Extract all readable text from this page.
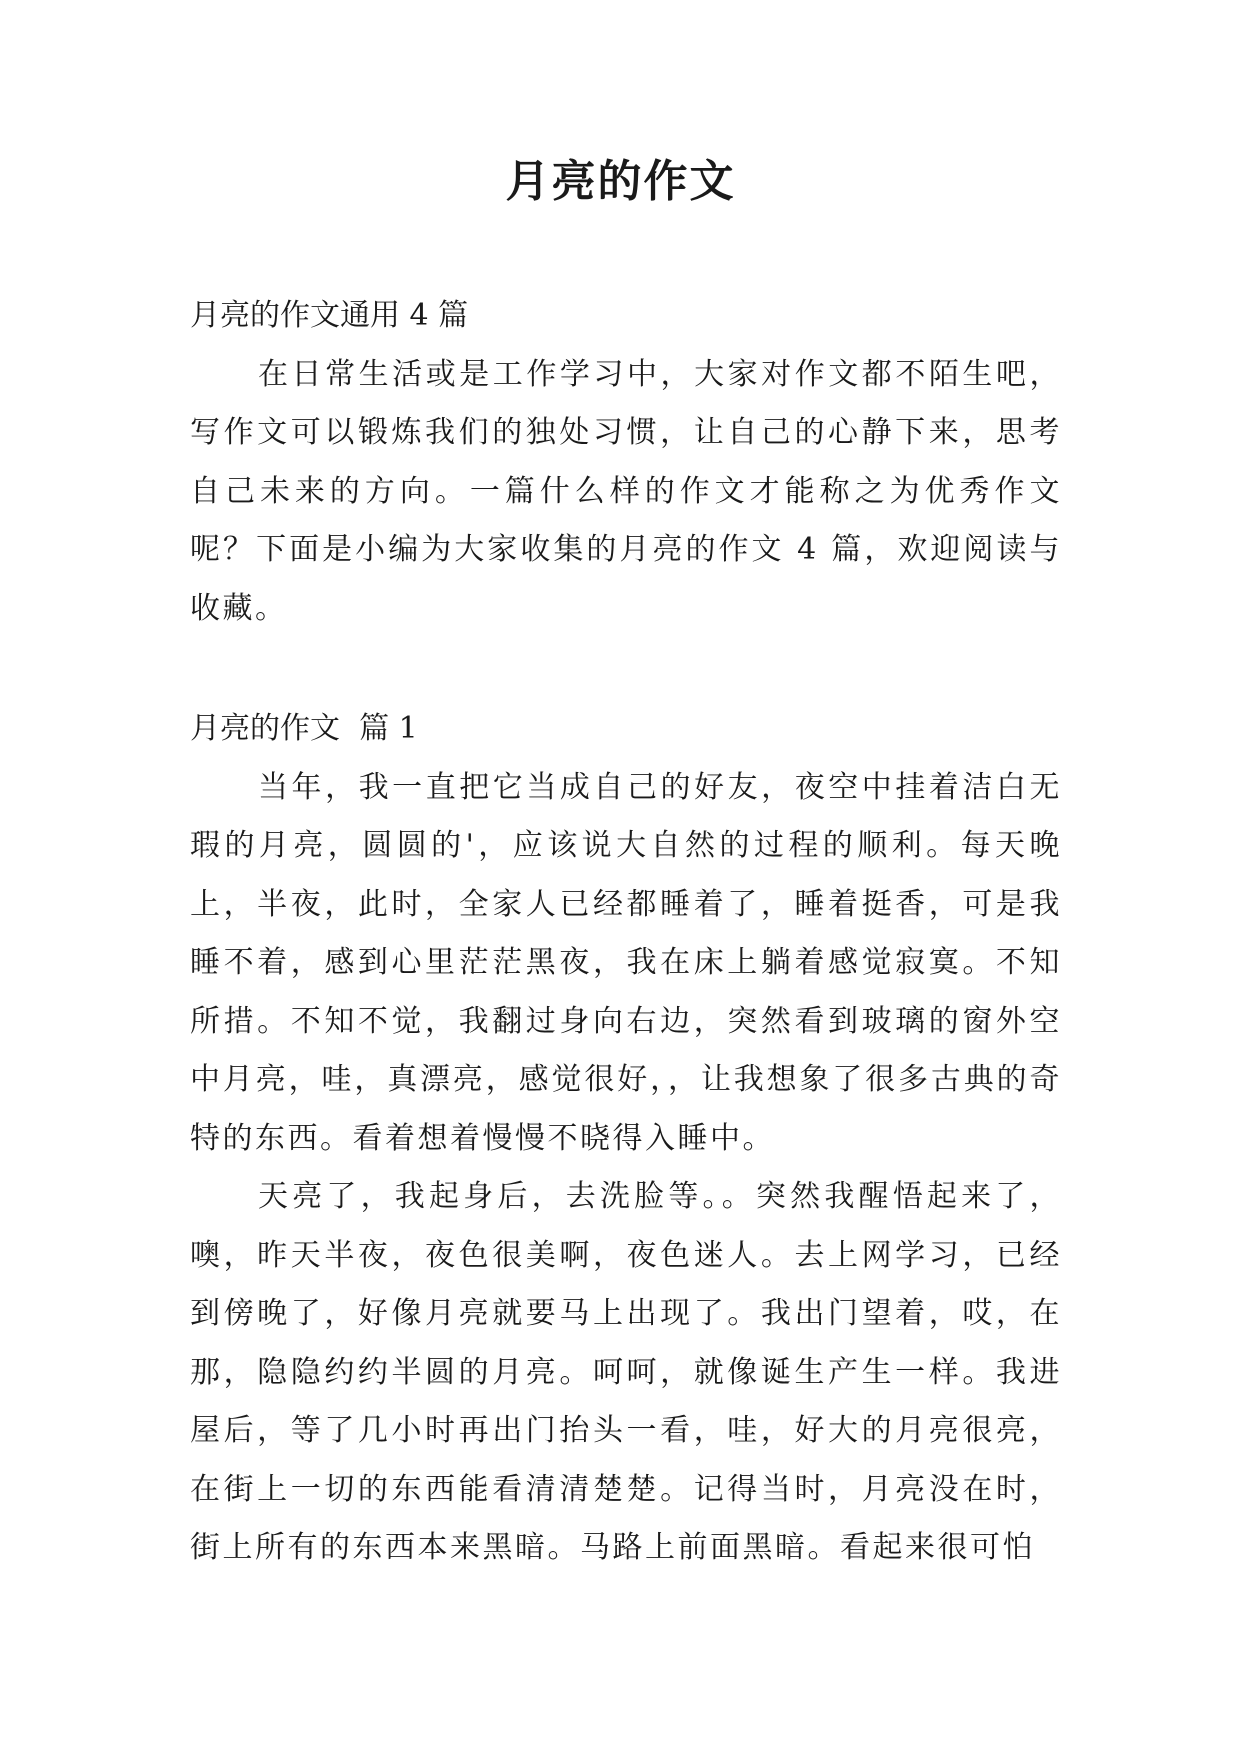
月亮的作文

月亮的作文通用 4 篇

在日常生活或是工作学习中，大家对作文都不陌生吧，写作文可以锻炼我们的独处习惯，让自己的心静下来，思考自己未来的方向。一篇什么样的作文才能称之为优秀作文呢？下面是小编为大家收集的月亮的作文 4 篇，欢迎阅读与收藏。

月亮的作文  篇 1

当年，我一直把它当成自己的好友，夜空中挂着洁白无瑕的月亮，圆圆的'，应该说大自然的过程的顺利。每天晚上，半夜，此时，全家人已经都睡着了，睡着挺香，可是我睡不着，感到心里茫茫黑夜，我在床上躺着感觉寂寞。不知所措。不知不觉，我翻过身向右边，突然看到玻璃的窗外空中月亮，哇，真漂亮，感觉很好，，让我想象了很多古典的奇特的东西。看着想着慢慢不晓得入睡中。

天亮了，我起身后，去洗脸等。。突然我醒悟起来了，噢，昨天半夜，夜色很美啊，夜色迷人。去上网学习，已经到傍晚了，好像月亮就要马上出现了。我出门望着，哎，在那，隐隐约约半圆的月亮。呵呵，就像诞生产生一样。我进屋后，等了几小时再出门抬头一看，哇，好大的月亮很亮，在街上一切的东西能看清清楚楚。记得当时，月亮没在时，街上所有的东西本来黑暗。马路上前面黑暗。看起来很可怕
